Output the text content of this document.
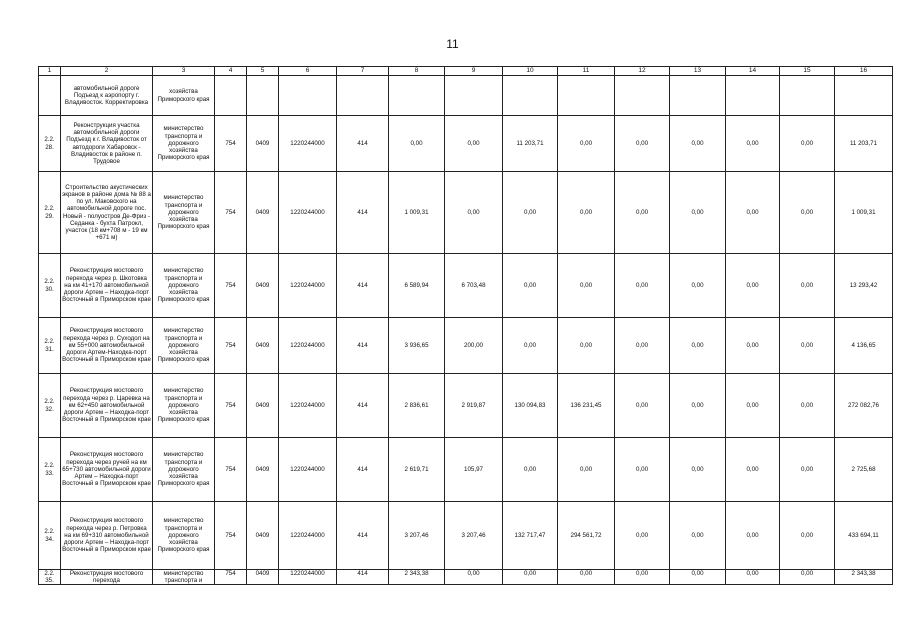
11
1	2	3	4	5	6	7	8	9	10	11	12	13	14	15	16
	автомобильной дороге Подъезд к аэропорту г. Владивосток. Корректировка	хозяйства Приморского края													
2.2. 28.	Реконструкция участка автомобильной дороги Подъезд к г. Владивосток от автодороги Хабаровск - Владивосток в районе п. Трудовое	министерство транспорта и дорожного хозяйства Приморского края	754	0409	1220244000	414	0,00	0,00	11 203,71	0,00	0,00	0,00	0,00	0,00	11 203,71
2.2. 29.	Строительство акустических экранов в районе дома № 88 а по ул. Маковского на автомобильной дороге пос. Новый - полуостров Де-Фриз - Седанка - бухта Патрокл, участок (18 км+708 м - 19 км +671 м)	министерство транспорта и дорожного хозяйства Приморского края	754	0409	1220244000	414	1 009,31	0,00	0,00	0,00	0,00	0,00	0,00	0,00	1 009,31
2.2. 30.	Реконструкция мостового перехода через р. Шкотовка на км 41+170 автомобильной дороги Артем – Находка-порт Восточный в Приморском крае	министерство транспорта и дорожного хозяйства Приморского края	754	0409	1220244000	414	6 589,94	6 703,48	0,00	0,00	0,00	0,00	0,00	0,00	13 293,42
2.2. 31.	Реконструкция мостового перехода через р. Суходол на км 55+000 автомобильной дороги Артем-Находка-порт Восточный в Приморском крае	министерство транспорта и дорожного хозяйства Приморского края	754	0409	1220244000	414	3 936,65	200,00	0,00	0,00	0,00	0,00	0,00	0,00	4 136,65
2.2. 32.	Реконструкция мостового перехода через р. Царевка на км 62+450 автомобильной дороги Артем – Находка-порт Восточный в Приморском крае	министерство транспорта и дорожного хозяйства Приморского края	754	0409	1220244000	414	2 836,61	2 919,87	130 094,83	136 231,45	0,00	0,00	0,00	0,00	272 082,76
2.2. 33.	Реконструкция мостового перехода через ручей на км 65+730 автомобильной дороги Артем – Находка-порт Восточный в Приморском крае	министерство транспорта и дорожного хозяйства Приморского края	754	0409	1220244000	414	2 619,71	105,97	0,00	0,00	0,00	0,00	0,00	0,00	2 725,68
2.2. 34.	Реконструкция мостового перехода через р. Петровка на км 69+310 автомобильной дороги Артем – Находка-порт Восточный в Приморском крае	министерство транспорта и дорожного хозяйства Приморского края	754	0409	1220244000	414	3 207,46	3 207,46	132 717,47	294 561,72	0,00	0,00	0,00	0,00	433 694,11
2.2. 35.	Реконструкция мостового перехода	министерство транспорта и	754	0409	1220244000	414	2 343,38	0,00	0,00	0,00	0,00	0,00	0,00	0,00	2 343,38
